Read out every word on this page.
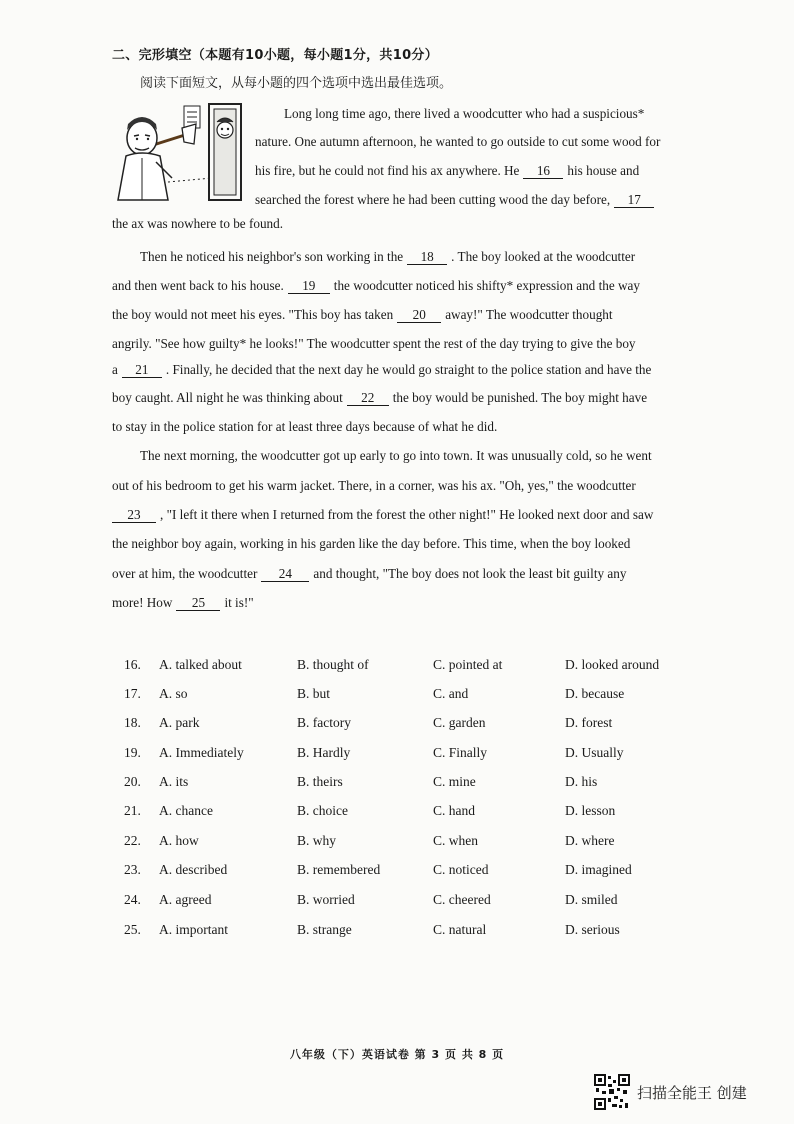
二、完形填空（本题有10小题，每小题1分，共10分）
阅读下面短文，从每小题的四个选项中选出最佳选项。
Long long time ago, there lived a woodcutter who had a suspicious*
nature. One autumn afternoon, he wanted to go outside to cut some wood for
his fire, but he could not find his ax anywhere. He 16 his house and
searched the forest where he had been cutting wood the day before, 17
the ax was nowhere to be found.
Then he noticed his neighbor's son working in the 18 . The boy looked at the woodcutter
and then went back to his house. 19 the woodcutter noticed his shifty* expression and the way
the boy would not meet his eyes. "This boy has taken 20 away!" The woodcutter thought
angrily. "See how guilty* he looks!" The woodcutter spent the rest of the day trying to give the boy
a 21 . Finally, he decided that the next day he would go straight to the police station and have the
boy caught. All night he was thinking about 22 the boy would be punished. The boy might have
to stay in the police station for at least three days because of what he did.
The next morning, the woodcutter got up early to go into town. It was unusually cold, so he went
out of his bedroom to get his warm jacket. There, in a corner, was his ax. "Oh, yes," the woodcutter
23 , "I left it there when I returned from the forest the other night!" He looked next door and saw
the neighbor boy again, working in his garden like the day before. This time, when the boy looked
over at him, the woodcutter 24 and thought, "The boy does not look the least bit guilty any
more! How 25 it is!"
16. A. talked about	B. thought of	C. pointed at	D. looked around
17. A. so	B. but	C. and	D. because
18. A. park	B. factory	C. garden	D. forest
19. A. Immediately	B. Hardly	C. Finally	D. Usually
20. A. its	B. theirs	C. mine	D. his
21. A. chance	B. choice	C. hand	D. lesson
22. A. how	B. why	C. when	D. where
23. A. described	B. remembered	C. noticed	D. imagined
24. A. agreed	B. worried	C. cheered	D. smiled
25. A. important	B. strange	C. natural	D. serious
八年级（下）英语试卷 第 3 页 共 8 页
扫描全能王 创建
